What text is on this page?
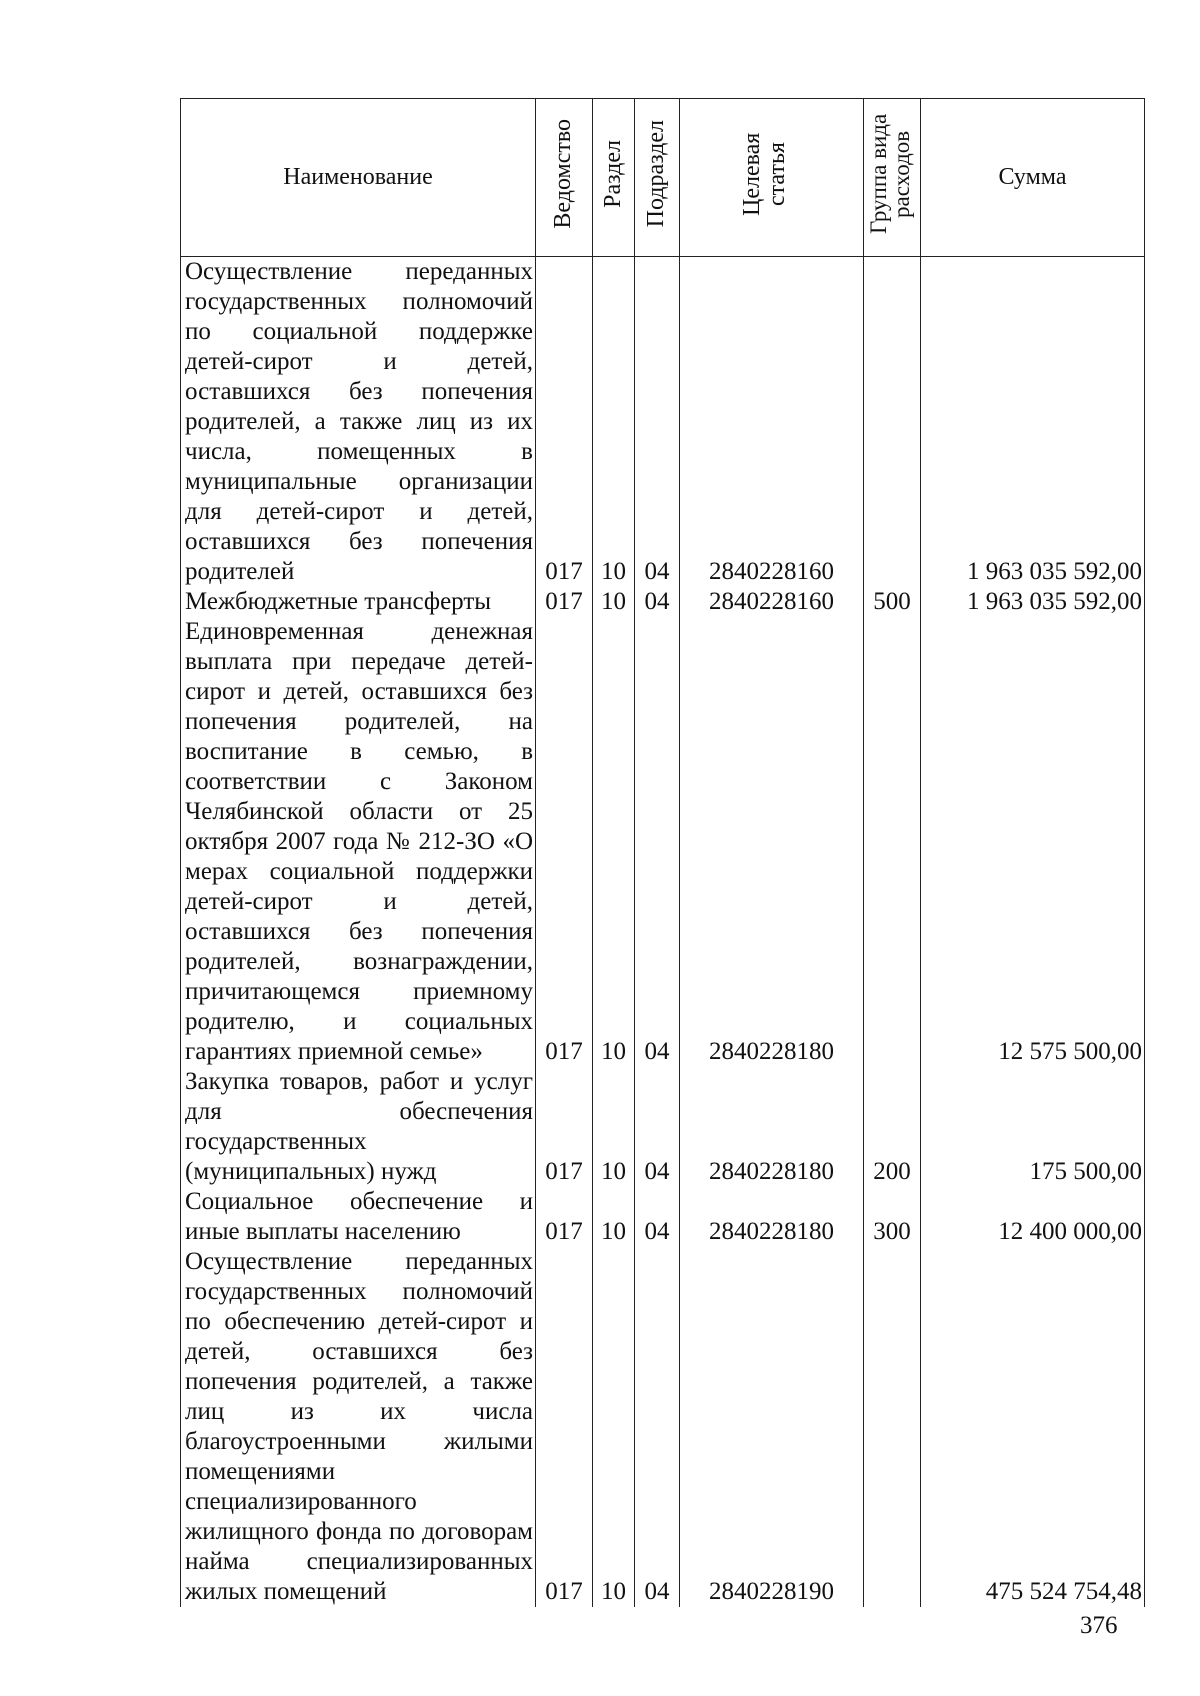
Наименование	Ведомство	Раздел	Подраздел	Целевая статья	Группа вида расходов	Сумма
Осуществление переданных государственных полномочий по социальной поддержке детей-сирот и детей, оставшихся без попечения родителей, а также лиц из их числа, помещенных в муниципальные организации для детей-сирот и детей, оставшихся без попечения родителей	017	10	04	2840228160		1 963 035 592,00
Межбюджетные трансферты	017	10	04	2840228160	500	1 963 035 592,00
Единовременная денежная выплата при передаче детей-сирот и детей, оставшихся без попечения родителей, на воспитание в семью, в соответствии с Законом Челябинской области от 25 октября 2007 года № 212-ЗО «О мерах социальной поддержки детей-сирот и детей, оставшихся без попечения родителей, вознаграждении, причитающемся приемному родителю, и социальных гарантиях приемной семье»	017	10	04	2840228180		12 575 500,00
Закупка товаров, работ и услуг для обеспечения государственных (муниципальных) нужд	017	10	04	2840228180	200	175 500,00
Социальное обеспечение и иные выплаты населению	017	10	04	2840228180	300	12 400 000,00
Осуществление переданных государственных полномочий по обеспечению детей-сирот и детей, оставшихся без попечения родителей, а также лиц из их числа благоустроенными жилыми помещениями специализированного жилищного фонда по договорам найма специализированных жилых помещений	017	10	04	2840228190		475 524 754,48
376
